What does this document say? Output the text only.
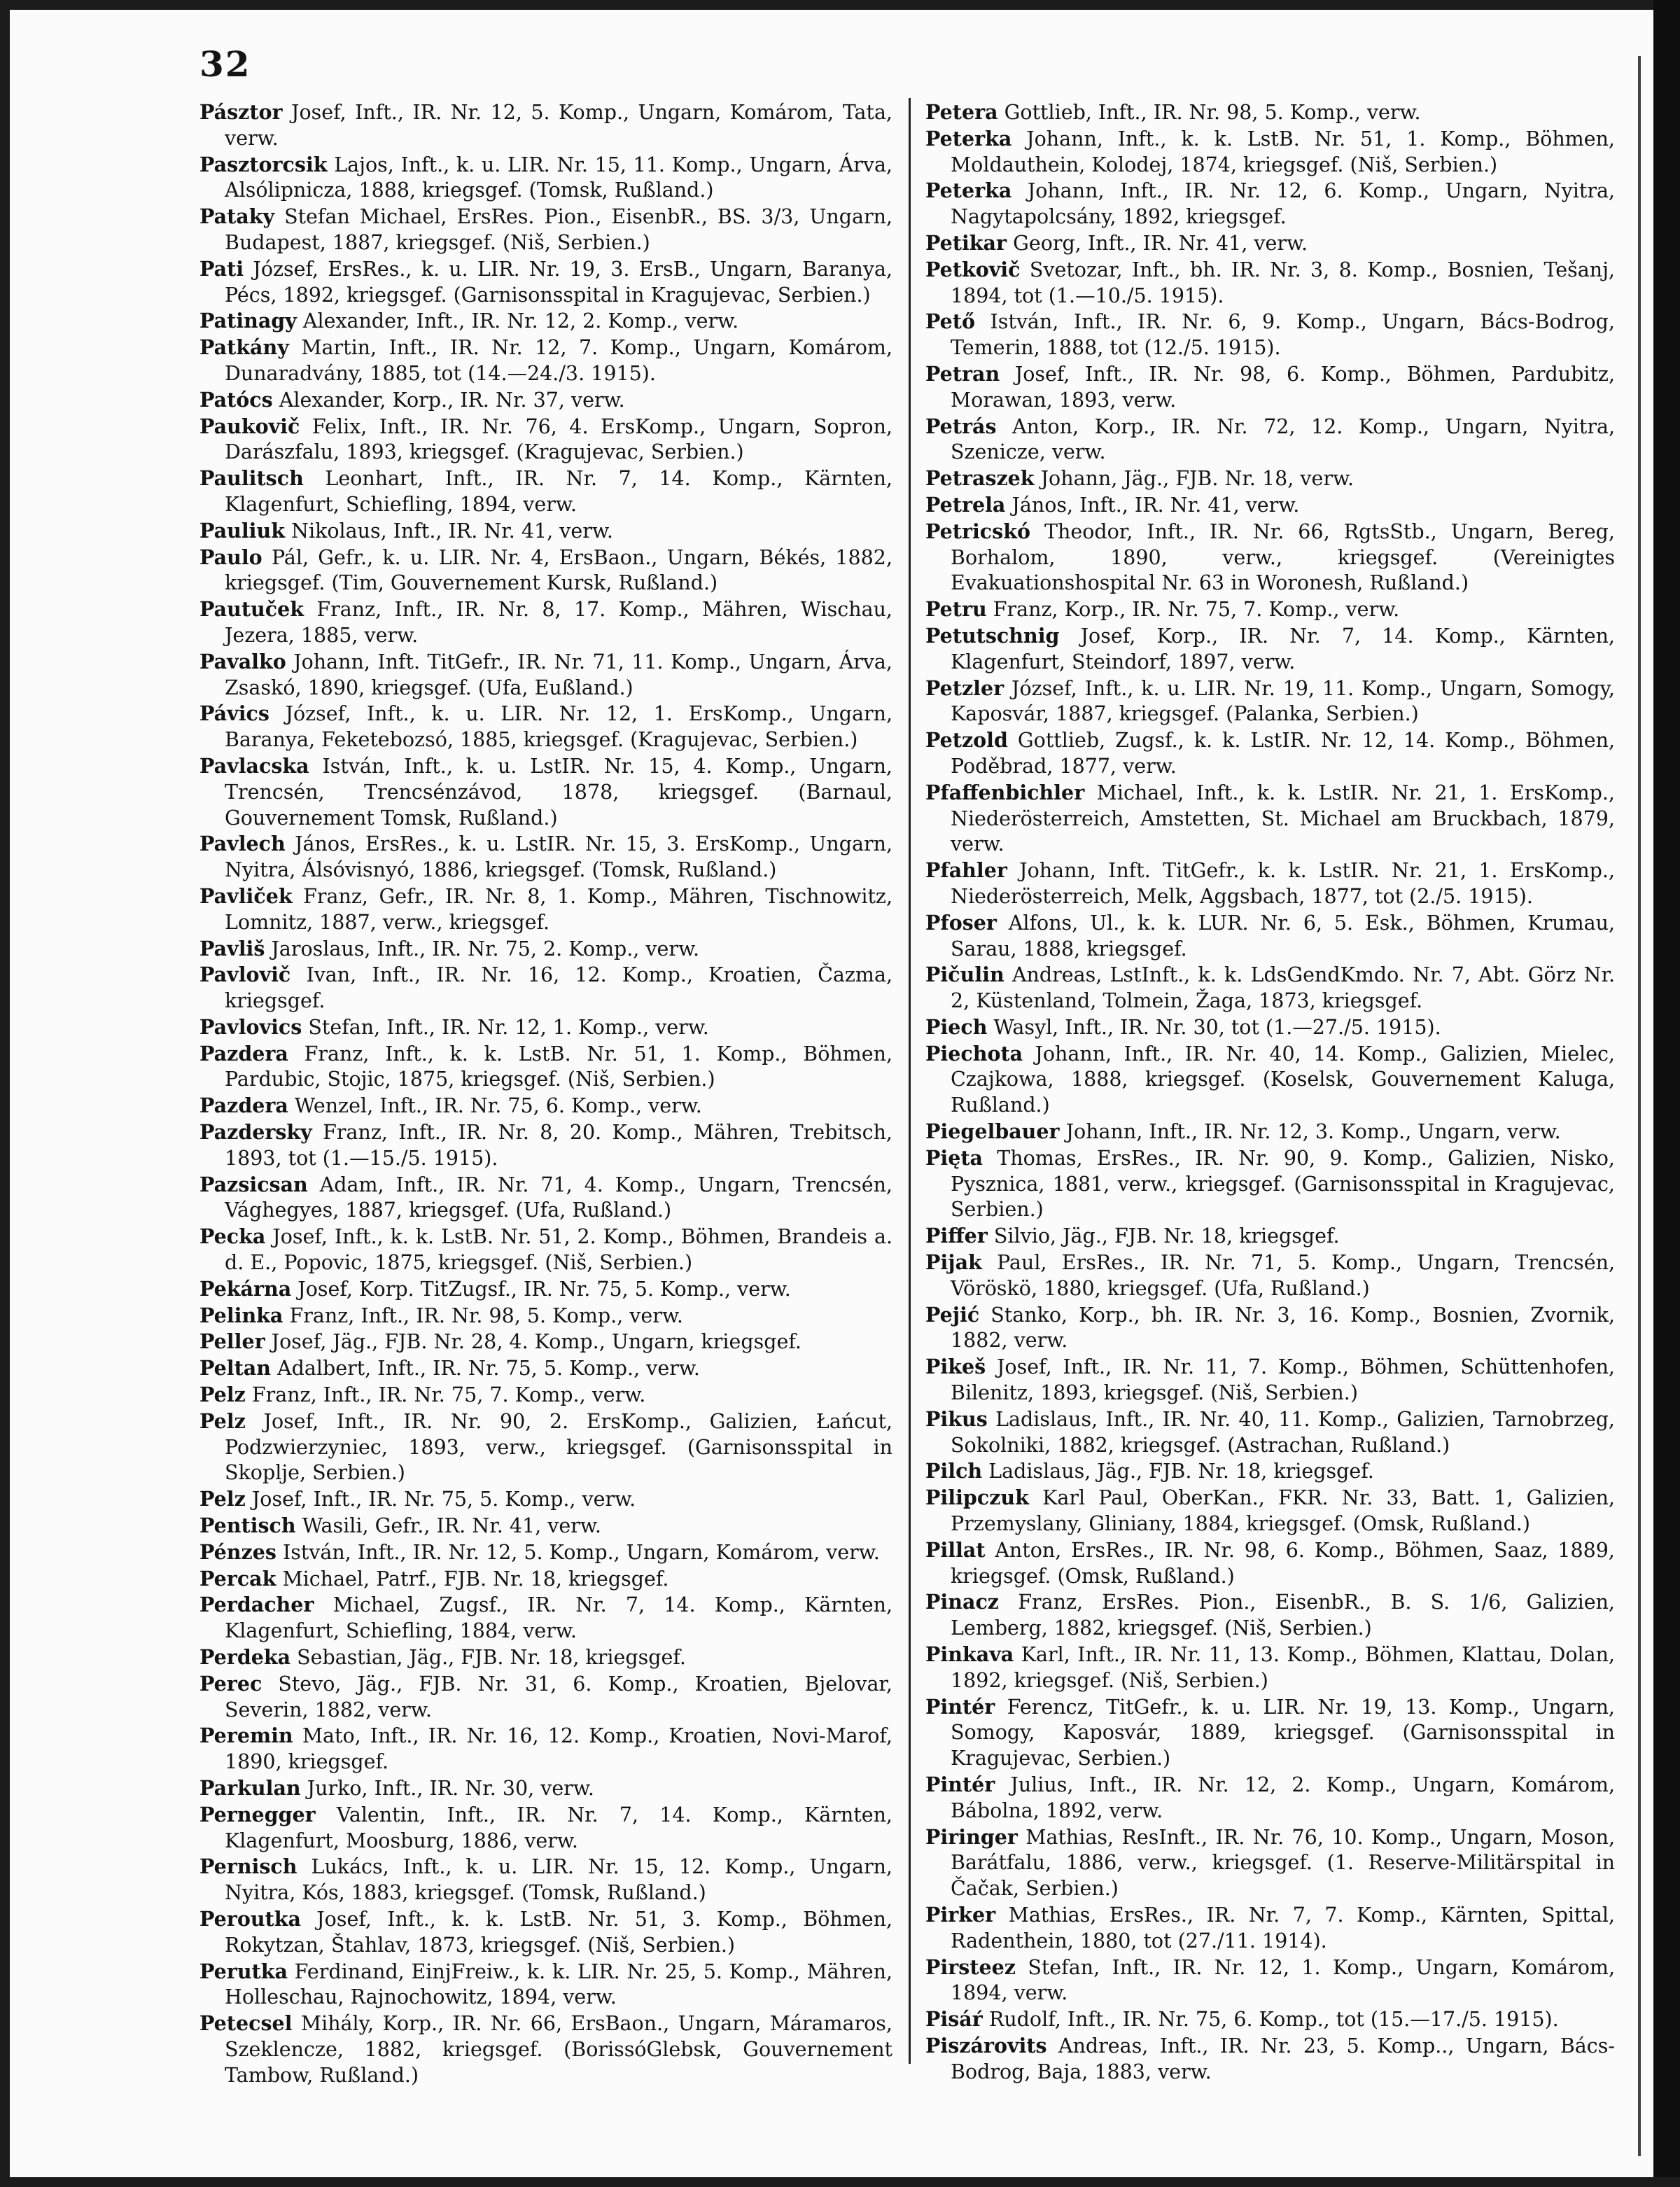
32

Pásztor Josef, Inft., IR. Nr. 12, 5. Komp., Ungarn, Komárom, Tata, verw.

Pasztorcsik Lajos, Inft., k. u. LIR. Nr. 15, 11. Komp., Ungarn, Árva, Alsólipnicza, 1888, kriegsgef. (Tomsk, Rußland.)

Pataky Stefan Michael, ErsRes. Pion., EisenbR., BS. 3/3, Ungarn, Budapest, 1887, kriegsgef. (Niš, Serbien.)

Pati József, ErsRes., k. u. LIR. Nr. 19, 3. ErsB., Ungarn, Baranya, Pécs, 1892, kriegsgef. (Garnisonsspital in Kragujevac, Serbien.)

Patinagy Alexander, Inft., IR. Nr. 12, 2. Komp., verw.

Patkány Martin, Inft., IR. Nr. 12, 7. Komp., Ungarn, Komárom, Dunaradvány, 1885, tot (14.—24./3. 1915).

Patócs Alexander, Korp., IR. Nr. 37, verw.

Paukovič Felix, Inft., IR. Nr. 76, 4. ErsKomp., Ungarn, Sopron, Darászfalu, 1893, kriegsgef. (Kragujevac, Serbien.)

Paulitsch Leonhart, Inft., IR. Nr. 7, 14. Komp., Kärnten, Klagenfurt, Schiefling, 1894, verw.

Pauliuk Nikolaus, Inft., IR. Nr. 41, verw.

Paulo Pál, Gefr., k. u. LIR. Nr. 4, ErsBaon., Ungarn, Békés, 1882, kriegsgef. (Tim, Gouvernement Kursk, Rußland.)

Pautuček Franz, Inft., IR. Nr. 8, 17. Komp., Mähren, Wischau, Jezera, 1885, verw.

Pavalko Johann, Inft. TitGefr., IR. Nr. 71, 11. Komp., Ungarn, Árva, Zsaskó, 1890, kriegsgef. (Ufa, Eußland.)

Pávics József, Inft., k. u. LIR. Nr. 12, 1. ErsKomp., Ungarn, Baranya, Feketebozsó, 1885, kriegsgef. (Kragujevac, Serbien.)

Pavlacska István, Inft., k. u. LstIR. Nr. 15, 4. Komp., Ungarn, Trencsén, Trencsénzávod, 1878, kriegsgef. (Barnaul, Gouvernement Tomsk, Rußland.)

Pavlech János, ErsRes., k. u. LstIR. Nr. 15, 3. ErsKomp., Ungarn, Nyitra, Álsóvisnyó, 1886, kriegsgef. (Tomsk, Rußland.)

Pavliček Franz, Gefr., IR. Nr. 8, 1. Komp., Mähren, Tischnowitz, Lomnitz, 1887, verw., kriegsgef.

Pavliš Jaroslaus, Inft., IR. Nr. 75, 2. Komp., verw.

Pavlovič Ivan, Inft., IR. Nr. 16, 12. Komp., Kroatien, Čazma, kriegsgef.

Pavlovics Stefan, Inft., IR. Nr. 12, 1. Komp., verw.

Pazdera Franz, Inft., k. k. LstB. Nr. 51, 1. Komp., Böhmen, Pardubic, Stojic, 1875, kriegsgef. (Niš, Serbien.)

Pazdera Wenzel, Inft., IR. Nr. 75, 6. Komp., verw.

Pazdersky Franz, Inft., IR. Nr. 8, 20. Komp., Mähren, Trebitsch, 1893, tot (1.—15./5. 1915).

Pazsicsan Adam, Inft., IR. Nr. 71, 4. Komp., Ungarn, Trencsén, Vághegyes, 1887, kriegsgef. (Ufa, Rußland.)

Pecka Josef, Inft., k. k. LstB. Nr. 51, 2. Komp., Böhmen, Brandeis a. d. E., Popovic, 1875, kriegsgef. (Niš, Serbien.)

Pekárna Josef, Korp. TitZugsf., IR. Nr. 75, 5. Komp., verw.

Pelinka Franz, Inft., IR. Nr. 98, 5. Komp., verw.

Peller Josef, Jäg., FJB. Nr. 28, 4. Komp., Ungarn, kriegsgef.

Peltan Adalbert, Inft., IR. Nr. 75, 5. Komp., verw.

Pelz Franz, Inft., IR. Nr. 75, 7. Komp., verw.

Pelz Josef, Inft., IR. Nr. 90, 2. ErsKomp., Galizien, Łańcut, Podzwierzyniec, 1893, verw., kriegsgef. (Garnisonsspital in Skoplje, Serbien.)

Pelz Josef, Inft., IR. Nr. 75, 5. Komp., verw.

Pentisch Wasili, Gefr., IR. Nr. 41, verw.

Pénzes István, Inft., IR. Nr. 12, 5. Komp., Ungarn, Komárom, verw.

Percak Michael, Patrf., FJB. Nr. 18, kriegsgef.

Perdacher Michael, Zugsf., IR. Nr. 7, 14. Komp., Kärnten, Klagenfurt, Schiefling, 1884, verw.

Perdeka Sebastian, Jäg., FJB. Nr. 18, kriegsgef.

Perec Stevo, Jäg., FJB. Nr. 31, 6. Komp., Kroatien, Bjelovar, Severin, 1882, verw.

Peremin Mato, Inft., IR. Nr. 16, 12. Komp., Kroatien, Novi-Marof, 1890, kriegsgef.

Parkulan Jurko, Inft., IR. Nr. 30, verw.

Pernegger Valentin, Inft., IR. Nr. 7, 14. Komp., Kärnten, Klagenfurt, Moosburg, 1886, verw.

Pernisch Lukács, Inft., k. u. LIR. Nr. 15, 12. Komp., Ungarn, Nyitra, Kós, 1883, kriegsgef. (Tomsk, Rußland.)

Peroutka Josef, Inft., k. k. LstB. Nr. 51, 3. Komp., Böhmen, Rokytzan, Štahlav, 1873, kriegsgef. (Niš, Serbien.)

Perutka Ferdinand, EinjFreiw., k. k. LIR. Nr. 25, 5. Komp., Mähren, Holleschau, Rajnochowitz, 1894, verw.

Petecsel Mihály, Korp., IR. Nr. 66, ErsBaon., Ungarn, Máramaros, Szeklencze, 1882, kriegsgef. (BorissóGlebsk, Gouvernement Tambow, Rußland.)

Petera Gottlieb, Inft., IR. Nr. 98, 5. Komp., verw.

Peterka Johann, Inft., k. k. LstB. Nr. 51, 1. Komp., Böhmen, Moldauthein, Kolodej, 1874, kriegsgef. (Niš, Serbien.)

Peterka Johann, Inft., IR. Nr. 12, 6. Komp., Ungarn, Nyitra, Nagytapolcsány, 1892, kriegsgef.

Petikar Georg, Inft., IR. Nr. 41, verw.

Petkovič Svetozar, Inft., bh. IR. Nr. 3, 8. Komp., Bosnien, Tešanj, 1894, tot (1.—10./5. 1915).

Pető István, Inft., IR. Nr. 6, 9. Komp., Ungarn, Bács-Bodrog, Temerin, 1888, tot (12./5. 1915).

Petran Josef, Inft., IR. Nr. 98, 6. Komp., Böhmen, Pardubitz, Morawan, 1893, verw.

Petrás Anton, Korp., IR. Nr. 72, 12. Komp., Ungarn, Nyitra, Szenicze, verw.

Petraszek Johann, Jäg., FJB. Nr. 18, verw.

Petrela János, Inft., IR. Nr. 41, verw.

Petricskó Theodor, Inft., IR. Nr. 66, RgtsStb., Ungarn, Bereg, Borhalom, 1890, verw., kriegsgef. (Vereinigtes Evakuationshospital Nr. 63 in Woronesh, Rußland.)

Petru Franz, Korp., IR. Nr. 75, 7. Komp., verw.

Petutschnig Josef, Korp., IR. Nr. 7, 14. Komp., Kärnten, Klagenfurt, Steindorf, 1897, verw.

Petzler József, Inft., k. u. LIR. Nr. 19, 11. Komp., Ungarn, Somogy, Kaposvár, 1887, kriegsgef. (Palanka, Serbien.)

Petzold Gottlieb, Zugsf., k. k. LstIR. Nr. 12, 14. Komp., Böhmen, Poděbrad, 1877, verw.

Pfaffenbichler Michael, Inft., k. k. LstIR. Nr. 21, 1. ErsKomp., Niederösterreich, Amstetten, St. Michael am Bruckbach, 1879, verw.

Pfahler Johann, Inft. TitGefr., k. k. LstIR. Nr. 21, 1. ErsKomp., Niederösterreich, Melk, Aggsbach, 1877, tot (2./5. 1915).

Pfoser Alfons, Ul., k. k. LUR. Nr. 6, 5. Esk., Böhmen, Krumau, Sarau, 1888, kriegsgef.

Pičulin Andreas, LstInft., k. k. LdsGendKmdo. Nr. 7, Abt. Görz Nr. 2, Küstenland, Tolmein, Žaga, 1873, kriegsgef.

Piech Wasyl, Inft., IR. Nr. 30, tot (1.—27./5. 1915).

Piechota Johann, Inft., IR. Nr. 40, 14. Komp., Galizien, Mielec, Czajkowa, 1888, kriegsgef. (Koselsk, Gouvernement Kaluga, Rußland.)

Piegelbauer Johann, Inft., IR. Nr. 12, 3. Komp., Ungarn, verw.

Pięta Thomas, ErsRes., IR. Nr. 90, 9. Komp., Galizien, Nisko, Pysznica, 1881, verw., kriegsgef. (Garnisonsspital in Kragujevac, Serbien.)

Piffer Silvio, Jäg., FJB. Nr. 18, kriegsgef.

Pijak Paul, ErsRes., IR. Nr. 71, 5. Komp., Ungarn, Trencsén, Vöröskö, 1880, kriegsgef. (Ufa, Rußland.)

Pejić Stanko, Korp., bh. IR. Nr. 3, 16. Komp., Bosnien, Zvornik, 1882, verw.

Pikeš Josef, Inft., IR. Nr. 11, 7. Komp., Böhmen, Schüttenhofen, Bilenitz, 1893, kriegsgef. (Niš, Serbien.)

Pikus Ladislaus, Inft., IR. Nr. 40, 11. Komp., Galizien, Tarnobrzeg, Sokolniki, 1882, kriegsgef. (Astrachan, Rußland.)

Pilch Ladislaus, Jäg., FJB. Nr. 18, kriegsgef.

Pilipczuk Karl Paul, OberKan., FKR. Nr. 33, Batt. 1, Galizien, Przemyslany, Gliniany, 1884, kriegsgef. (Omsk, Rußland.)

Pillat Anton, ErsRes., IR. Nr. 98, 6. Komp., Böhmen, Saaz, 1889, kriegsgef. (Omsk, Rußland.)

Pinacz Franz, ErsRes. Pion., EisenbR., B. S. 1/6, Galizien, Lemberg, 1882, kriegsgef. (Niš, Serbien.)

Pinkava Karl, Inft., IR. Nr. 11, 13. Komp., Böhmen, Klattau, Dolan, 1892, kriegsgef. (Niš, Serbien.)

Pintér Ferencz, TitGefr., k. u. LIR. Nr. 19, 13. Komp., Ungarn, Somogy, Kaposvár, 1889, kriegsgef. (Garnisonsspital in Kragujevac, Serbien.)

Pintér Julius, Inft., IR. Nr. 12, 2. Komp., Ungarn, Komárom, Bábolna, 1892, verw.

Piringer Mathias, ResInft., IR. Nr. 76, 10. Komp., Ungarn, Moson, Barátfalu, 1886, verw., kriegsgef. (1. Reserve-Militärspital in Čačak, Serbien.)

Pirker Mathias, ErsRes., IR. Nr. 7, 7. Komp., Kärnten, Spittal, Radenthein, 1880, tot (27./11. 1914).

Pirsteez Stefan, Inft., IR. Nr. 12, 1. Komp., Ungarn, Komárom, 1894, verw.

Pisáŕ Rudolf, Inft., IR. Nr. 75, 6. Komp., tot (15.—17./5. 1915).

Piszárovits Andreas, Inft., IR. Nr. 23, 5. Komp.., Ungarn, Bács-Bodrog, Baja, 1883, verw.
